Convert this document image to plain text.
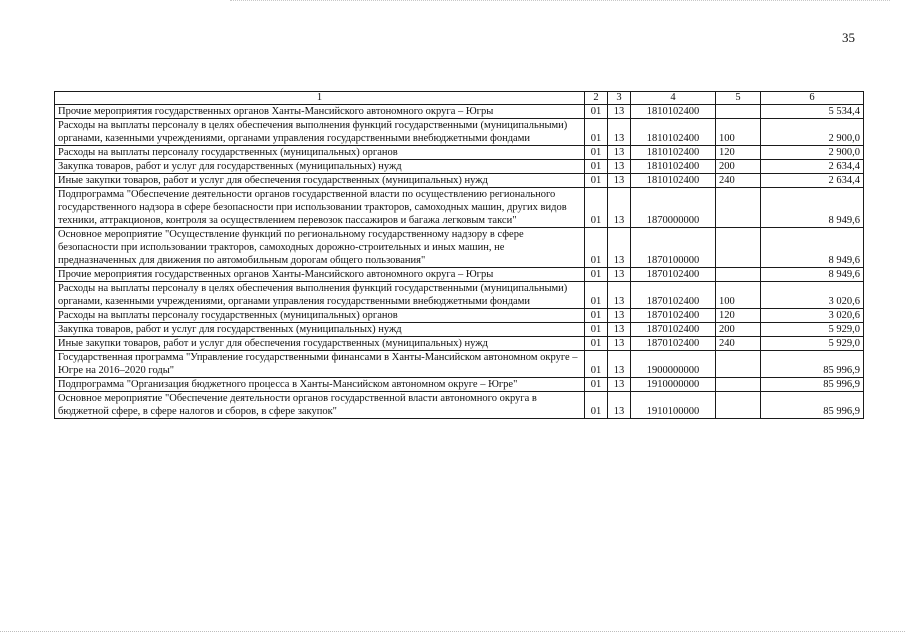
35
1	2	3	4	5	6
Прочие мероприятия государственных органов Ханты-Мансийского автономного округа – Югры	01	13	1810102400		5 534,4
Расходы на выплаты персоналу в целях обеспечения выполнения функций государственными (муниципальными) органами, казенными учреждениями, органами управления государственными внебюджетными фондами	01	13	1810102400	100	2 900,0
Расходы на выплаты персоналу государственных (муниципальных) органов	01	13	1810102400	120	2 900,0
Закупка товаров, работ и услуг для государственных (муниципальных) нужд	01	13	1810102400	200	2 634,4
Иные закупки товаров, работ и услуг для обеспечения государственных (муниципальных) нужд	01	13	1810102400	240	2 634,4
Подпрограмма "Обеспечение деятельности органов государственной власти по осуществлению регионального государственного надзора в сфере безопасности при использовании тракторов, самоходных машин, других видов техники, аттракционов, контроля за осуществлением перевозок пассажиров и багажа легковым такси"	01	13	1870000000		8 949,6
Основное мероприятие "Осуществление функций по региональному государственному надзору в сфере безопасности при использовании тракторов, самоходных дорожно-строительных и иных машин, не предназначенных для движения по автомобильным дорогам общего пользования"	01	13	1870100000		8 949,6
Прочие мероприятия государственных органов Ханты-Мансийского автономного округа – Югры	01	13	1870102400		8 949,6
Расходы на выплаты персоналу в целях обеспечения выполнения функций государственными (муниципальными) органами, казенными учреждениями, органами управления государственными внебюджетными фондами	01	13	1870102400	100	3 020,6
Расходы на выплаты персоналу государственных (муниципальных) органов	01	13	1870102400	120	3 020,6
Закупка товаров, работ и услуг для государственных (муниципальных) нужд	01	13	1870102400	200	5 929,0
Иные закупки товаров, работ и услуг для обеспечения государственных (муниципальных) нужд	01	13	1870102400	240	5 929,0
Государственная программа "Управление государственными финансами в Ханты-Мансийском автономном округе – Югре на 2016–2020 годы"	01	13	1900000000		85 996,9
Подпрограмма "Организация бюджетного процесса в Ханты-Мансийском автономном округе – Югре"	01	13	1910000000		85 996,9
Основное мероприятие "Обеспечение деятельности органов государственной власти автономного округа в бюджетной сфере, в сфере налогов и сборов, в сфере закупок"	01	13	1910100000		85 996,9
